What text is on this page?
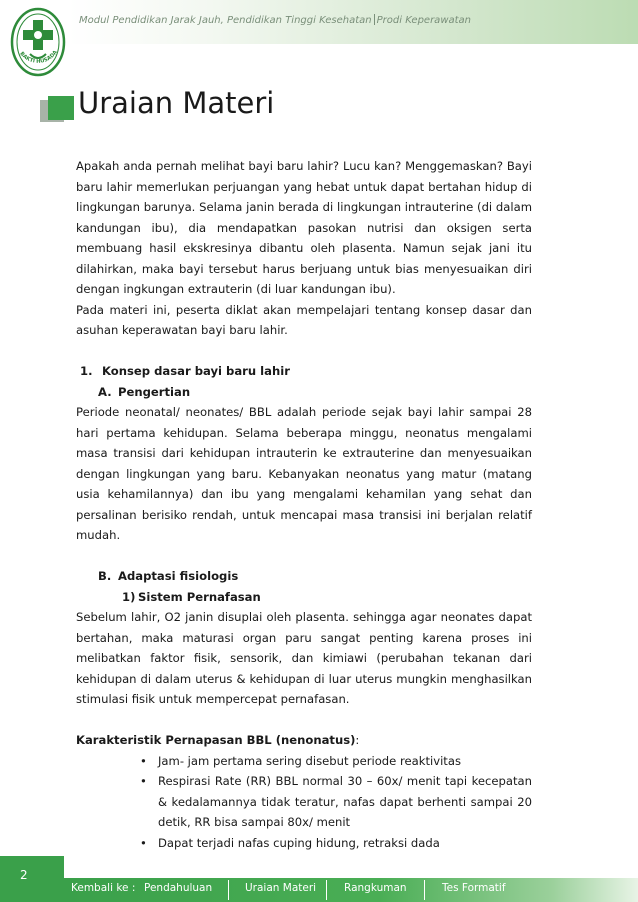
BAKTI HUSADA
Modul Pendidikan Jarak Jauh, Pendidikan Tinggi Kesehatan Prodi Keperawatan
Uraian Materi

Apakah anda pernah melihat bayi baru lahir? Lucu kan? Menggemaskan? Bayi baru lahir memerlukan perjuangan yang hebat untuk dapat bertahan hidup di lingkungan barunya. Selama janin berada di lingkungan intrauterine (di dalam kandungan ibu), dia mendapatkan pasokan nutrisi dan oksigen serta membuang hasil ekskresinya dibantu oleh plasenta. Namun sejak jani itu dilahirkan, maka bayi tersebut harus berjuang untuk bias menyesuaikan diri dengan ingkungan extrauterin (di luar kandungan ibu).

Pada materi ini, peserta diklat akan mempelajari tentang konsep dasar dan asuhan keperawatan bayi baru lahir.

1. Konsep dasar bayi baru lahir
A. Pengertian

Periode neonatal/ neonates/ BBL adalah periode sejak bayi lahir sampai 28 hari pertama kehidupan. Selama beberapa minggu, neonatus mengalami masa transisi dari kehidupan intrauterin ke extrauterine dan menyesuaikan dengan lingkungan yang baru. Kebanyakan neonatus yang matur (matang usia kehamilannya) dan ibu yang mengalami kehamilan yang sehat dan persalinan berisiko rendah, untuk mencapai masa transisi ini berjalan relatif mudah.

B. Adaptasi fisiologis
1) Sistem Pernafasan

Sebelum lahir, O2 janin disuplai oleh plasenta. sehingga agar neonates dapat bertahan, maka maturasi organ paru sangat penting karena proses ini melibatkan faktor fisik, sensorik, dan kimiawi (perubahan tekanan dari kehidupan di dalam uterus & kehidupan di luar uterus mungkin menghasilkan stimulasi fisik untuk mempercepat pernafasan.

Karakteristik Pernapasan BBL (nenonatus):

• Jam- jam pertama sering disebut periode reaktivitas
• Respirasi Rate (RR) BBL normal 30 – 60x/ menit tapi kecepatan & kedalamannya tidak teratur, nafas dapat berhenti sampai 20 detik, RR bisa sampai 80x/ menit
• Dapat terjadi nafas cuping hidung, retraksi dada
2
Kembali ke : Pendahuluan	Uraian Materi	Rangkuman	Tes Formatif
